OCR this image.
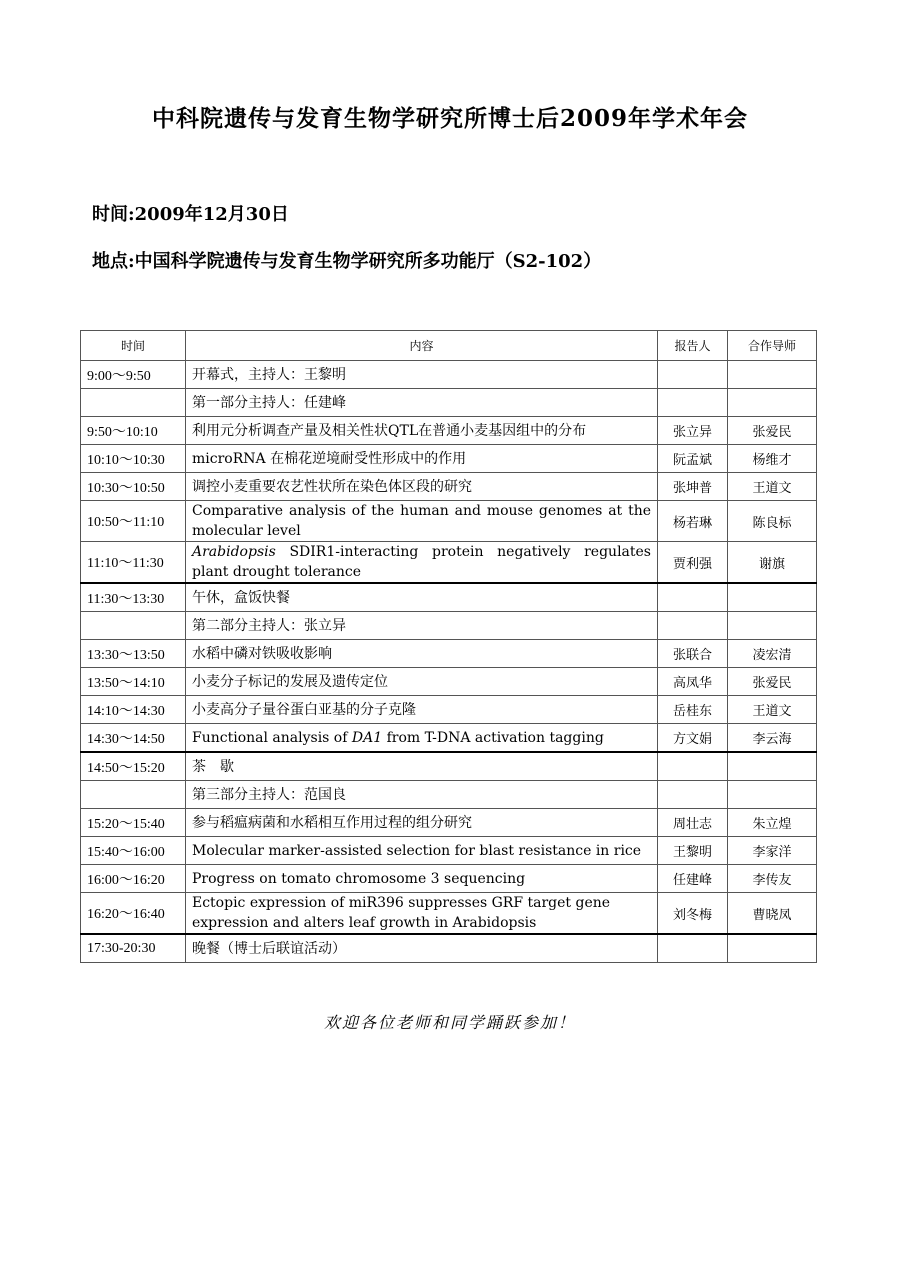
中科院遗传与发育生物学研究所博士后2009年学术年会
时间:2009年12月30日
地点:中国科学院遗传与发育生物学研究所多功能厅（S2-102）
时间	内容	报告人	合作导师
9:00～9:50	开幕式，主持人：王黎明		
	第一部分主持人：任建峰		
9:50～10:10	利用元分析调查产量及相关性状QTL在普通小麦基因组中的分布	张立异	张爱民
10:10～10:30	microRNA 在棉花逆境耐受性形成中的作用	阮孟斌	杨维才
10:30～10:50	调控小麦重要农艺性状所在染色体区段的研究	张坤普	王道文
10:50～11:10	Comparative analysis of the human and mouse genomes at the molecular level	杨若琳	陈良标
11:10～11:30	Arabidopsis SDIR1-interacting protein negatively regulates plant drought tolerance	贾利强	谢旗
11:30～13:30	午休，盒饭快餐		
	第二部分主持人：张立异		
13:30～13:50	水稻中磷对铁吸收影响	张联合	凌宏清
13:50～14:10	小麦分子标记的发展及遗传定位	高凤华	张爱民
14:10～14:30	小麦高分子量谷蛋白亚基的分子克隆	岳桂东	王道文
14:30～14:50	Functional analysis of DA1 from T-DNA activation tagging	方文娟	李云海
14:50～15:20	茶　歇		
	第三部分主持人：范国良		
15:20～15:40	参与稻瘟病菌和水稻相互作用过程的组分研究	周壮志	朱立煌
15:40～16:00	Molecular marker-assisted selection for blast resistance in rice	王黎明	李家洋
16:00～16:20	Progress on tomato chromosome 3 sequencing	任建峰	李传友
16:20～16:40	Ectopic expression of miR396 suppresses GRF target gene expression and alters leaf growth in Arabidopsis	刘冬梅	曹晓凤
17:30-20:30	晚餐（博士后联谊活动）		
欢迎各位老师和同学踊跃参加！
